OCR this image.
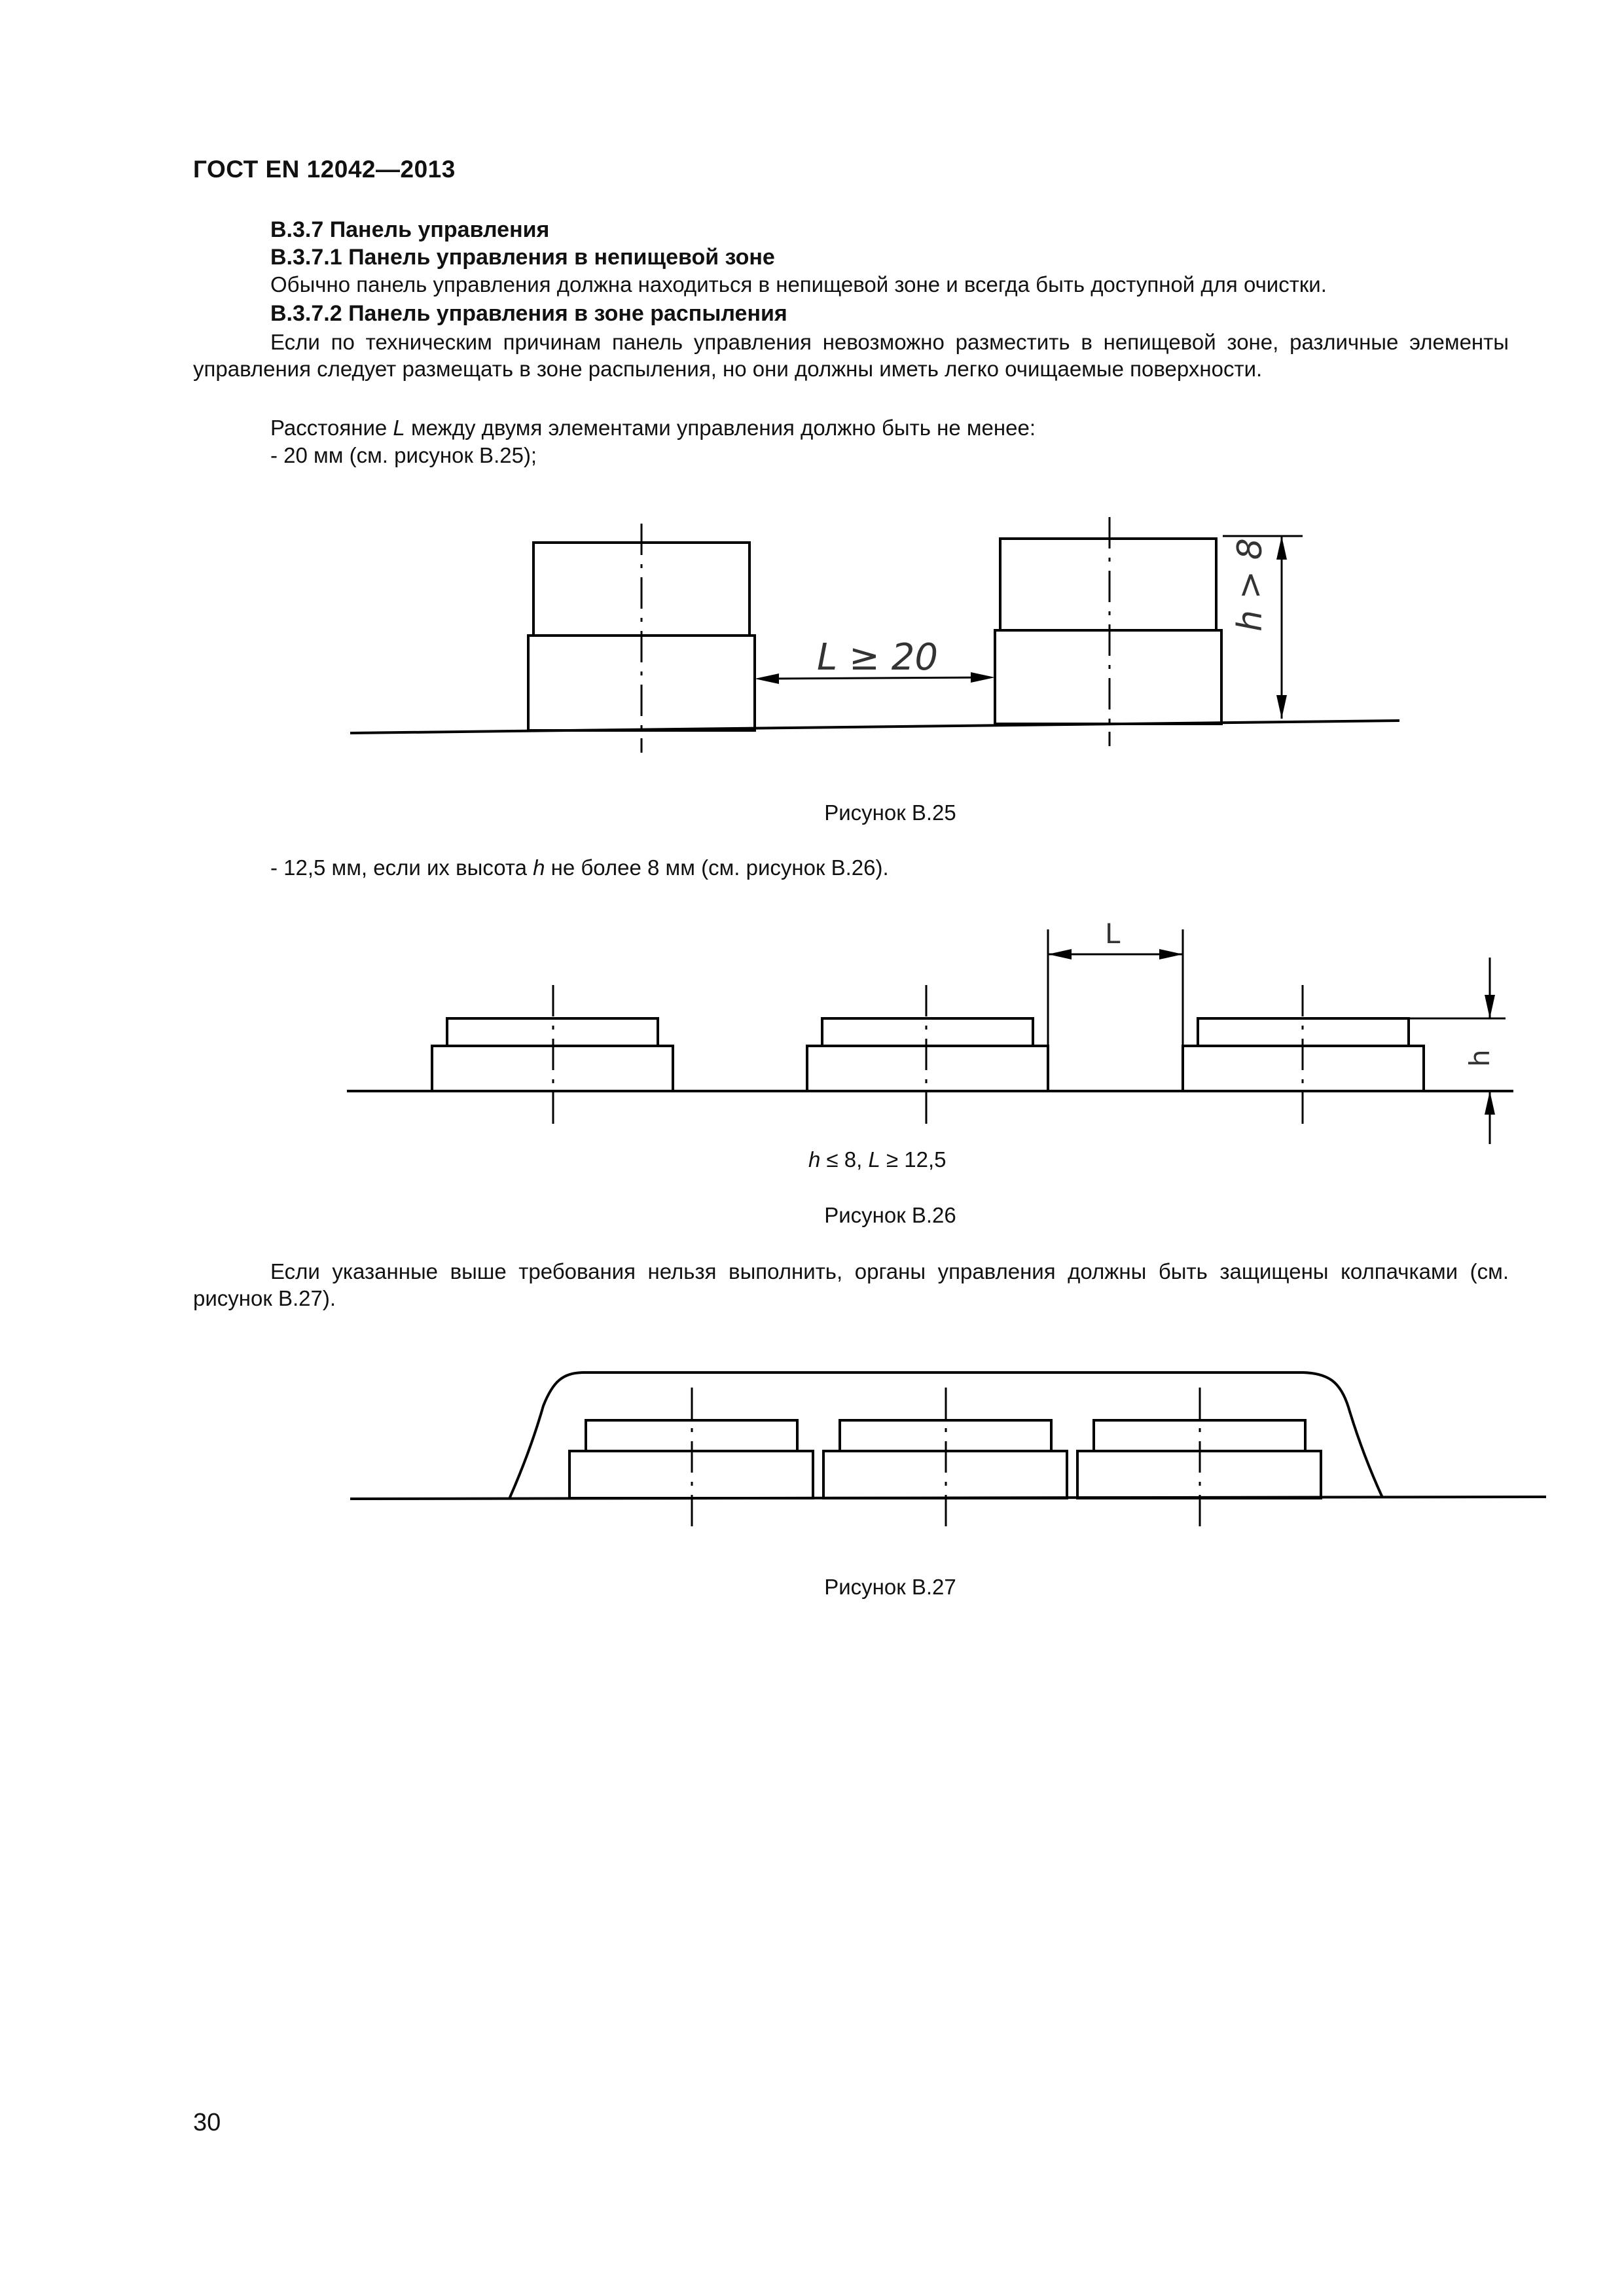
ГОСТ EN 12042—2013
В.3.7 Панель управления
В.3.7.1 Панель управления в непищевой зоне
Обычно панель управления должна находиться в непищевой зоне и всегда быть доступной для очистки.
В.3.7.2 Панель управления в зоне распыления
Если по техническим причинам панель управления невозможно разместить в непищевой зоне, различные элементы управления следует размещать в зоне распыления, но они должны иметь легко очищаемые поверхности.
Расстояние L между двумя элементами управления должно быть не менее:
- 20 мм (см. рисунок В.25);
L ≥ 20
h > 8
Рисунок В.25
- 12,5 мм, если их высота h не более 8 мм (см. рисунок В.26).
L
h
h ≤ 8, L ≥ 12,5
Рисунок В.26
Если указанные выше требования нельзя выполнить, органы управления должны быть защищены колпачками (см. рисунок В.27).
Рисунок В.27
30
